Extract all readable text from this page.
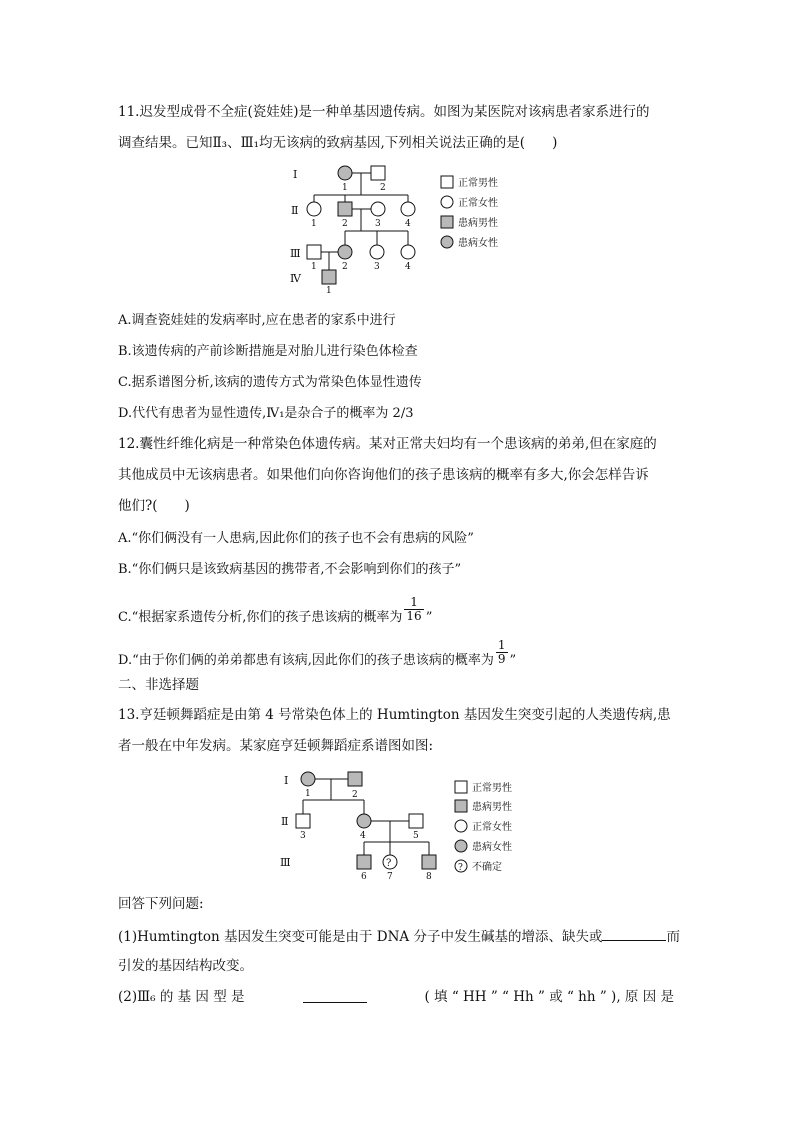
11.迟发型成骨不全症(瓷娃娃)是一种单基因遗传病。如图为某医院对该病患者家系进行的
调查结果。已知Ⅱ₃、Ⅲ₁均无该病的致病基因,下列相关说法正确的是(　　)
Ⅰ
Ⅱ
Ⅲ
Ⅳ
1	2
1	2	3	4
1	2	3	4
1
正常男性
正常女性
患病男性
患病女性
A.调查瓷娃娃的发病率时,应在患者的家系中进行
B.该遗传病的产前诊断措施是对胎儿进行染色体检查
C.据系谱图分析,该病的遗传方式为常染色体显性遗传
D.代代有患者为显性遗传,Ⅳ₁是杂合子的概率为 2/3
12.囊性纤维化病是一种常染色体遗传病。某对正常夫妇均有一个患该病的弟弟,但在家庭的
其他成员中无该病患者。如果他们向你咨询他们的孩子患该病的概率有多大,你会怎样告诉
他们?(　　)
A.“你们俩没有一人患病,因此你们的孩子也不会有患病的风险”
B.“你们俩只是该致病基因的携带者,不会影响到你们的孩子”
C.“根据家系遗传分析,你们的孩子患该病的概率为 $\frac{1}{16}$ ”
D.“由于你们俩的弟弟都患有该病,因此你们的孩子患该病的概率为 $\frac{1}{9}$ ”
二、非选择题
13.亨廷顿舞蹈症是由第 4 号常染色体上的 Humtington 基因发生突变引起的人类遗传病,患
者一般在中年发病。某家庭亨廷顿舞蹈症系谱图如图:
?
Ⅰ
Ⅱ
Ⅲ
1	2
3	4	5
6 7	8
正常男性
患病男性
正常女性
患病女性
? 不确定
回答下列问题:
(1)Humtington 基因发生突变可能是由于 DNA 分子中发生碱基的增添、缺失或	而
引发的基因结构改变。
(2)Ⅲ₆ 的 基 因 型 是	( 填 “ HH ” “ Hh ” 或 “ hh ” ), 原 因 是
